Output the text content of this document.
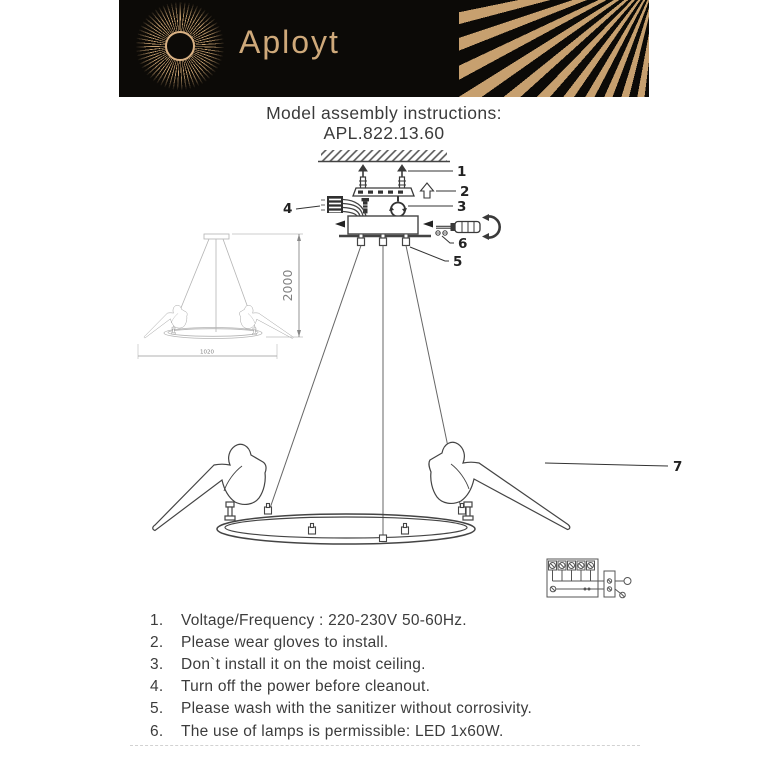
Aployt
Model assembly instructions:
APL.822.13.60
1
2
3
4
5
6
7
2000
1020
1.	Voltage/Frequency : 220-230V 50-60Hz.
2.	Please wear gloves to install.
3.	Don`t install it on the moist ceiling.
4.	Turn off the power before cleanout.
5.	Please wash with the sanitizer without corrosivity.
6.	The use of lamps is permissible: LED 1x60W.
